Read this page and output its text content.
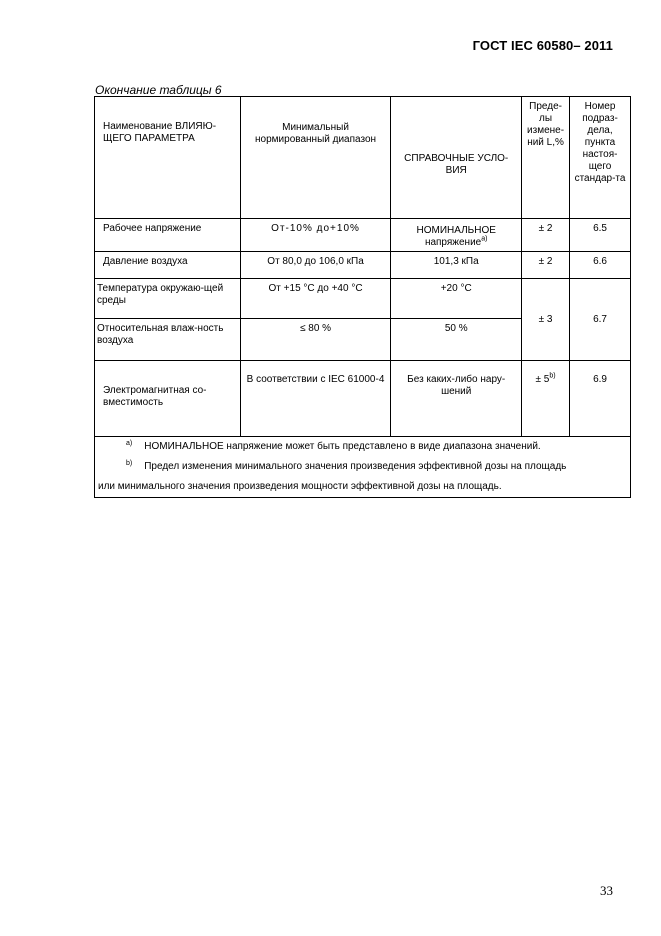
ГОСТ IEC 60580– 2011
Окончание таблицы 6
Наименование ВЛИЯЮ-ЩЕГО ПАРАМЕТРА	Минимальный нормированный диапазон	СПРАВОЧНЫЕ УСЛО-ВИЯ	Преде-лы измене-ний L,%	Номер подраз-дела, пункта настоя-щего стандар-та
Рабочее напряжение	От-10% до+10%	НОМИНАЛЬНОЕ напряжение$^{а)}$	± 2	6.5
Давление воздуха	От 80,0 до 106,0 кПа	101,3 кПа	± 2	6.6
Температура окружаю-щей среды	От +15 °С до +40 °С	+20 °С	± 3	6.7
Относительная влаж-ность воздуха	≤ 80 %	50 %		
Электромагнитная со-вместимость	В соответствии с IEC 61000-4	Без каких-либо нару-шений	± $5^{b)}$	6.9

$^{a)}$ НОМИНАЛЬНОЕ напряжение может быть представлено в виде диапазона значений.
$^{b)}$ Предел изменения минимального значения произведения эффективной дозы на площадь
или минимального значения произведения мощности эффективной дозы на площадь.				
33
